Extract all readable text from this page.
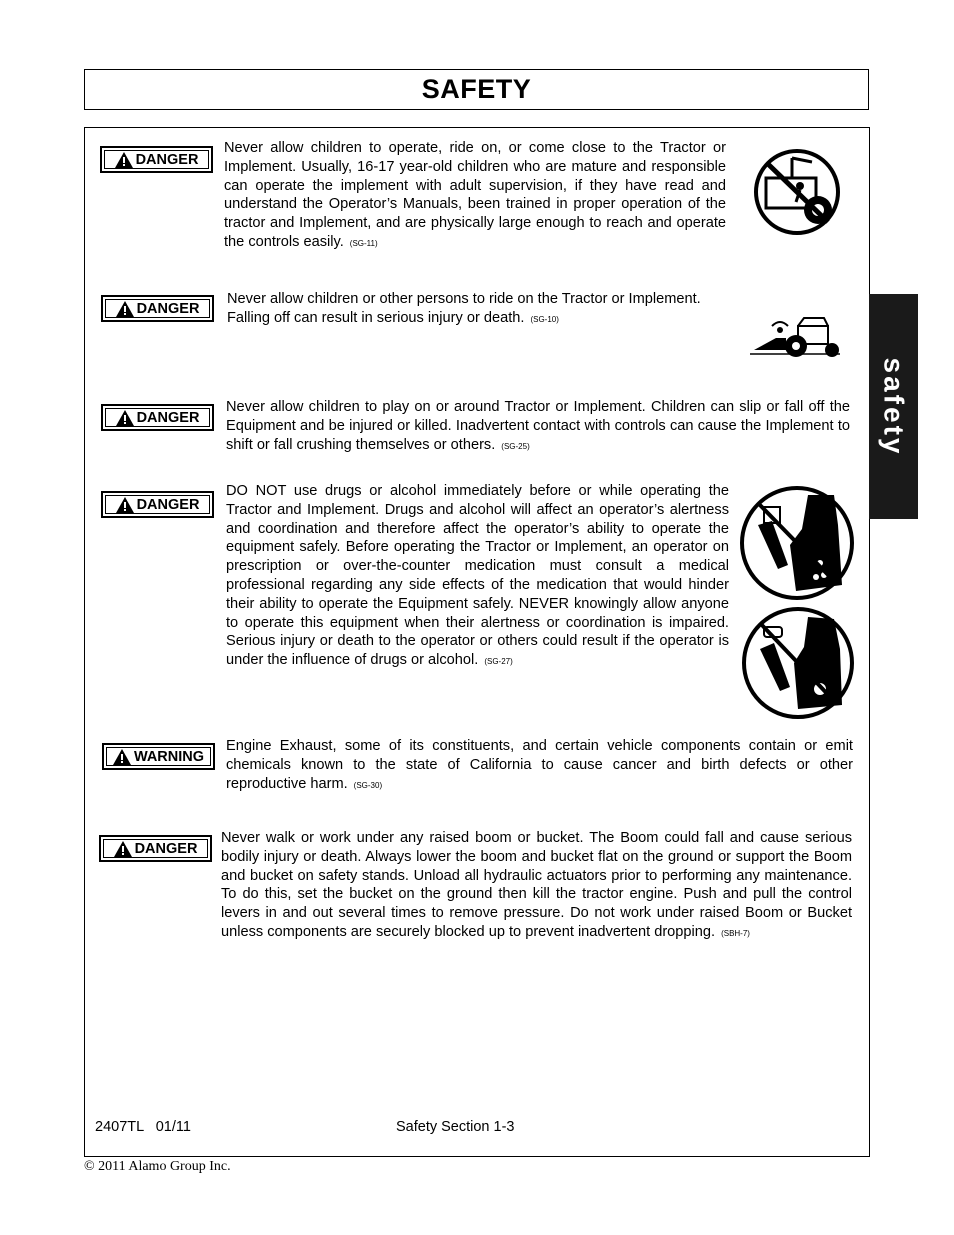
SAFETY
safety
DANGER
Never allow children to operate, ride on, or come close to the Tractor or Implement. Usually, 16-17 year-old children who are mature and responsible can operate the implement with adult supervision, if they have read and understand the Operator’s Manuals, been trained in proper operation of the tractor and Implement, and are physically large enough to reach and operate the controls easily. (SG-11)
DANGER
Never allow children or other persons to ride on the Tractor or Implement. Falling off can result in serious injury or death. (SG-10)
DANGER
Never allow children to play on or around Tractor or Implement. Children can slip or fall off the Equipment and be injured or killed. Inadvertent contact with controls can cause the Implement to shift or fall crushing themselves or others. (SG-25)
DANGER
DO NOT use drugs or alcohol immediately before or while operating the Tractor and Implement. Drugs and alcohol will affect an operator’s alertness and coordination and therefore affect the operator’s ability to operate the equipment safely. Before operating the Tractor or Implement, an operator on prescription or over-the-counter medication must consult a medical professional regarding any side effects of the medication that would hinder their ability to operate the Equipment safely. NEVER knowingly allow anyone to operate this equipment when their alertness or coordination is impaired. Serious injury or death to the operator or others could result if the operator is under the influence of drugs or alcohol. (SG-27)
WARNING
Engine Exhaust, some of its constituents, and certain vehicle components contain or emit chemicals known to the state of California to cause cancer and birth defects or other reproductive harm. (SG-30)
DANGER
Never walk or work under any raised boom or bucket. The Boom could fall and cause serious bodily injury or death. Always lower the boom and bucket flat on the ground or support the Boom and bucket on safety stands. Unload all hydraulic actuators prior to performing any maintenance. To do this, set the bucket on the ground then kill the tractor engine. Push and pull the control levers in and out several times to remove pressure. Do not work under raised Boom or Bucket unless components are securely blocked up to prevent inadvertent dropping. (SBH-7)
2407TL   01/11	Safety Section 1-3
© 2011 Alamo Group Inc.
